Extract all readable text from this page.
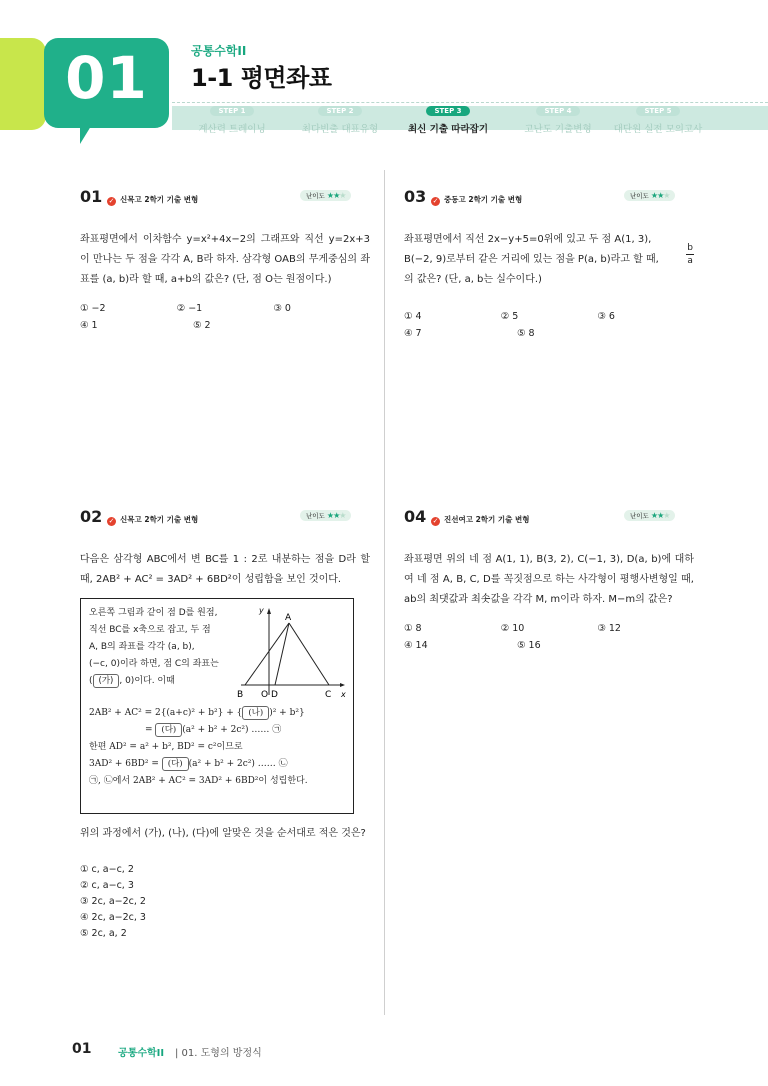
01	공통수학II
1-1 평면좌표
STEP 1
계산력 트레이닝
STEP 2
최다빈출 대표유형
STEP 3
최신 기출 따라잡기
STEP 4
고난도 기출변형
STEP 5
대단원 실전 모의고사
01 ✓ 신목고 2학기 기출 변형	난이도 ★★★
좌표평면에서 이차함수 y=x²+4x−2의 그래프와 직선 y=2x+3이 만나는 두 점을 각각 A, B라 하자. 삼각형 OAB의 무게중심의 좌표를 (a, b)라 할 때, a+b의 값은? (단, 점 O는 원점이다.)
① −2	② −1	③ 0
④ 1	⑤ 2
03 ✓ 중동고 2학기 기출 변형	난이도 ★★★
좌표평면에서 직선 2x−y+5=0위에 있고 두 점 A(1, 3),
B(−2, 9)로부터 같은 거리에 있는 점을 P(a, b)라고 할 때,
b
a
의 값은? (단, a, b는 실수이다.)
① 4	② 5	③ 6
④ 7	⑤ 8
02 ✓ 신목고 2학기 기출 변형	난이도 ★★★
다음은 삼각형 ABC에서 변 BC를 1 : 2로 내분하는 점을 D라 할 때, 2AB² + AC² = 3AD² + 6BD²이 성립함을 보인 것이다.
오른쪽 그림과 같이 점 D를 원점,
직선 BC를 x축으로 잡고, 두 점
A, B의 좌표를 각각 (a, b),
(−c, 0)이라 하면, 점 C의 좌표는
( (가) , 0)이다. 이때
y
A
B O D	C x
2AB² + AC² = 2{(a+c)² + b²} + { (나) )² + b²}
= (다) (a² + b² + 2c²) …… ㉠
한편 AD² = a² + b², BD² = c²이므로
3AD² + 6BD² = (다) (a² + b² + 2c²) …… ㉡
㉠, ㉡에서 2AB² + AC² = 3AD² + 6BD²이 성립한다.
위의 과정에서 (가), (나), (다)에 알맞은 것을 순서대로 적은 것은?
① c, a−c, 2
② c, a−c, 3
③ 2c, a−2c, 2
④ 2c, a−2c, 3
⑤ 2c, a, 2
04 ✓ 진선여고 2학기 기출 변형	난이도 ★★★
좌표평면 위의 네 점 A(1, 1), B(3, 2), C(−1, 3), D(a, b)에 대하여 네 점 A, B, C, D를 꼭짓점으로 하는 사각형이 평행사변형일 때, ab의 최댓값과 최솟값을 각각 M, m이라 하자. M−m의 값은?
① 8	② 10	③ 12
④ 14	⑤ 16
01	공통수학II | 01. 도형의 방정식
